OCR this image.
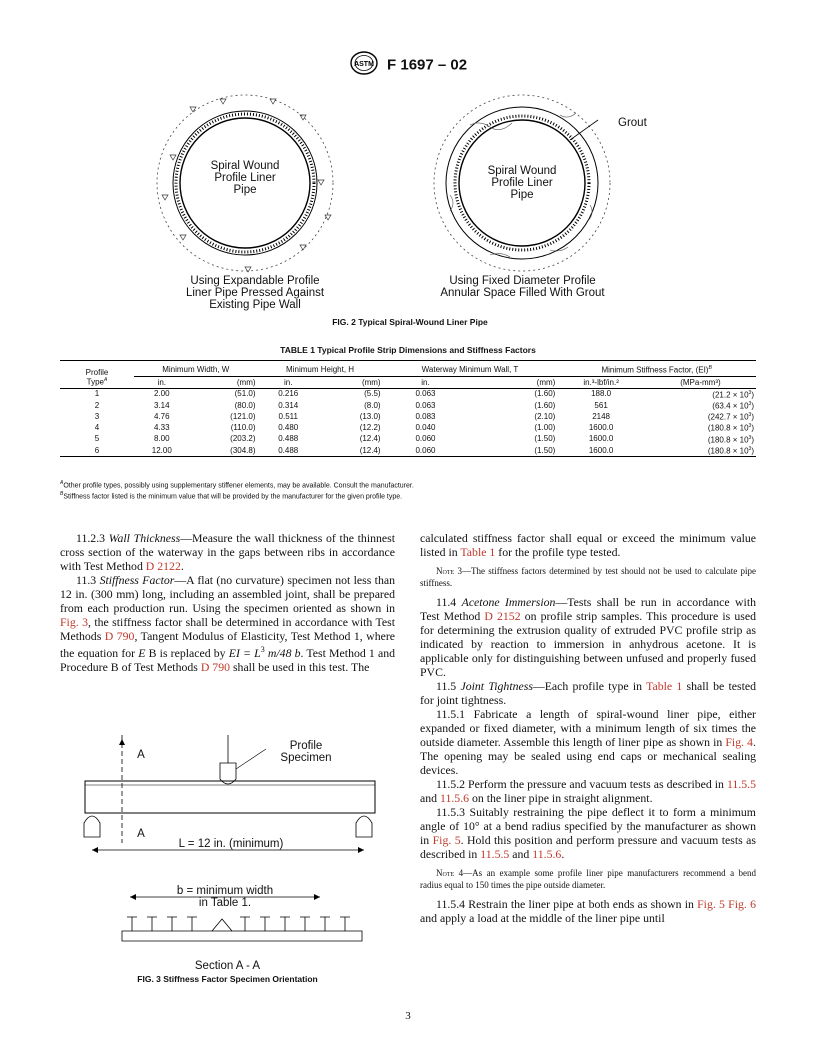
ASTM F 1697 – 02
Spiral Wound
Profile Liner
Pipe
Using Expandable Profile
Liner Pipe Pressed Against
Existing Pipe Wall
Grout
Spiral Wound
Profile Liner
Pipe
Using Fixed Diameter Profile
Annular Space Filled With Grout
FIG. 2 Typical Spiral-Wound Liner Pipe
TABLE 1 Typical Profile Strip Dimensions and Stiffness Factors
Profile
Type$^A$	Minimum Width, W		Minimum Height, H		Waterway Minimum Wall, T		Minimum Stiffness Factor, (EI)$^B$
	in.	(mm)	in.	(mm)	in.	(mm)	in.³-lbf/in.²	(MPa-mm³)
1	2.00	(51.0)	0.216	(5.5)	0.063	(1.60)	188.0	$(21.2 \times 10^3)$
2	3.14	(80.0)	0.314	(8.0)	0.063	(1.60)	561	$(63.4 \times 10^3)$
3	4.76	(121.0)	0.511	(13.0)	0.083	(2.10)	2148	$(242.7 \times 10^3)$
4	4.33	(110.0)	0.480	(12.2)	0.040	(1.00)	1600.0	$(180.8 \times 10^3)$
5	8.00	(203.2)	0.488	(12.4)	0.060	(1.50)	1600.0	$(180.8 \times 10^3)$
6	12.00	(304.8)	0.488	(12.4)	0.060	(1.50)	1600.0	$(180.8 \times 10^3)$
$^A$Other profile types, possibly using supplementary stiffener elements, may be available. Consult the manufacturer.
$^B$Stiffness factor listed is the minimum value that will be provided by the manufacturer for the given profile type.

11.2.3 Wall Thickness—Measure the wall thickness of the thinnest cross section of the waterway in the gaps between ribs in accordance with Test Method D 2122.

11.3 Stiffness Factor—A flat (no curvature) specimen not less than 12 in. (300 mm) long, including an assembled joint, shall be prepared from each production run. Using the specimen oriented as shown in Fig. 3, the stiffness factor shall be determined in accordance with Test Methods D 790, Tangent Modulus of Elasticity, Test Method 1, where the equation for E B is replaced by EI = $L^3$ m/48 b. Test Method 1 and Procedure B of Test Methods D 790 shall be used in this test. The

A
A
Profile
Specimen
L = 12 in. (minimum)
b = minimum width
in Table 1.
Section A - A
FIG. 3 Stiffness Factor Specimen Orientation

calculated stiffness factor shall equal or exceed the minimum value listed in Table 1 for the profile type tested.

Note 3—The stiffness factors determined by test should not be used to calculate pipe stiffness.

11.4 Acetone Immersion—Tests shall be run in accordance with Test Method D 2152 on profile strip samples. This procedure is used for determining the extrusion quality of extruded PVC profile strip as indicated by reaction to immersion in anhydrous acetone. It is applicable only for distinguishing between unfused and properly fused PVC.

11.5 Joint Tightness—Each profile type in Table 1 shall be tested for joint tightness.

11.5.1 Fabricate a length of spiral-wound liner pipe, either expanded or fixed diameter, with a minimum length of six times the outside diameter. Assemble this length of liner pipe as shown in Fig. 4. The opening may be sealed using end caps or mechanical sealing devices.

11.5.2 Perform the pressure and vacuum tests as described in 11.5.5 and 11.5.6 on the liner pipe in straight alignment.

11.5.3 Suitably restraining the pipe deflect it to form a minimum angle of 10° at a bend radius specified by the manufacturer as shown in Fig. 5. Hold this position and perform pressure and vacuum tests as described in 11.5.5 and 11.5.6.

Note 4—As an example some profile liner pipe manufacturers recommend a bend radius equal to 150 times the pipe outside diameter.

11.5.4 Restrain the liner pipe at both ends as shown in Fig. 5 Fig. 6 and apply a load at the middle of the liner pipe until

3
